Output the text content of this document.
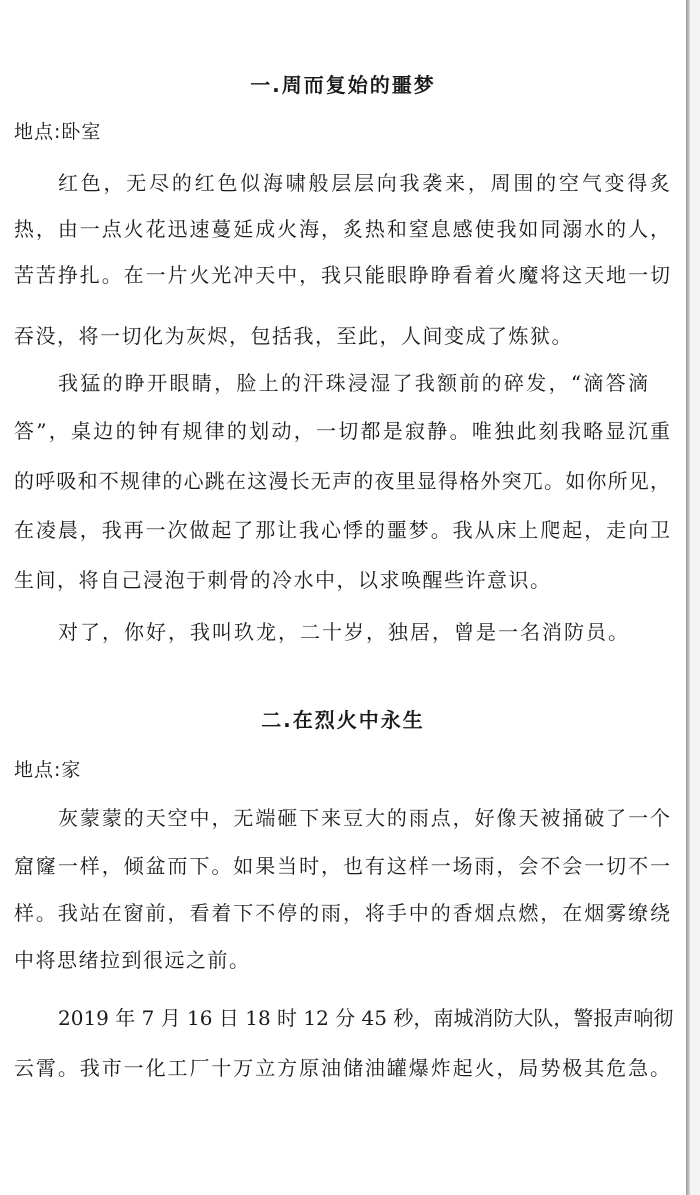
一.周而复始的噩梦
地点:卧室
红色，无尽的红色似海啸般层层向我袭来，周围的空气变得炙
热，由一点火花迅速蔓延成火海，炙热和窒息感使我如同溺水的人，
苦苦挣扎。在一片火光冲天中，我只能眼睁睁看着火魔将这天地一切
吞没，将一切化为灰烬，包括我，至此，人间变成了炼狱。
我猛的睁开眼睛，脸上的汗珠浸湿了我额前的碎发，“滴答滴
答”，桌边的钟有规律的划动，一切都是寂静。唯独此刻我略显沉重
的呼吸和不规律的心跳在这漫长无声的夜里显得格外突兀。如你所见，
在凌晨，我再一次做起了那让我心悸的噩梦。我从床上爬起，走向卫
生间，将自己浸泡于刺骨的冷水中，以求唤醒些许意识。
对了，你好，我叫玖龙，二十岁，独居，曾是一名消防员。
二.在烈火中永生
地点:家
灰蒙蒙的天空中，无端砸下来豆大的雨点，好像天被捅破了一个
窟窿一样，倾盆而下。如果当时，也有这样一场雨，会不会一切不一
样。我站在窗前，看着下不停的雨，将手中的香烟点燃，在烟雾缭绕
中将思绪拉到很远之前。
2019 年 7 月 16 日 18 时 12 分 45 秒，南城消防大队，警报声响彻
云霄。我市一化工厂十万立方原油储油罐爆炸起火，局势极其危急。
